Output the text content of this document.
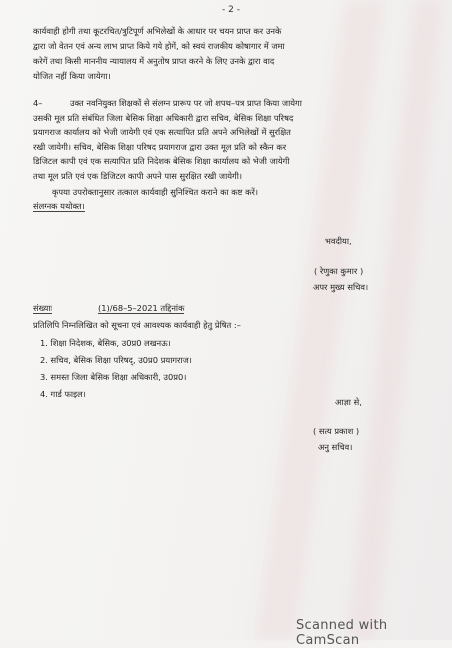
- 2 -
कार्यवाही होगी तथा कूटरचित/त्रुटिपूर्ण अभिलेखों के आधार पर चयन प्राप्त कर उनके
द्वारा जो वेतन एवं अन्य लाभ प्राप्त किये गये होगें, को स्वयं राजकीय कोषागार में जमा
करेगें तथा किसी माननीय न्यायालय में अनुतोष प्राप्त करने के लिए उनके द्वारा वाद
योजित नहीं किया जायेगा।
4–	उक्त नवनियुक्त शिक्षकों से संलग्न प्रारूप पर जो शपथ–पत्र प्राप्त किया जायेगा
उसकी मूल प्रति संबंधित जिला बेसिक शिक्षा अधिकारी द्वारा सचिव, बेसिक शिक्षा परिषद
प्रयागराज कार्यालय को भेजी जायेगी एवं एक सत्यापित प्रति अपने अभिलेखों में सुरक्षित
रखी जायेगी। सचिव, बेसिक शिक्षा परिषद प्रयागराज द्वारा उक्त मूल प्रति को स्कैन कर
डिजिटल कापी एवं एक सत्यापित प्रति निदेशक बेसिक शिक्षा कार्यालय को भेजी जायेगी
तथा मूल प्रति एवं एक डिजिटल कापी अपने पास सुरक्षित रखी जायेगी।
कृपया उपरोक्तानुसार तत्काल कार्यवाही सुनिश्चित कराने का कष्ट करें।
संलग्नक यथोक्त।
भवदीया,
( रेणुका कुमार )
अपर मुख्य सचिव।
संख्याः	(1)/68–5–2021 तद्दिनांक
प्रतिलिपि निम्नलिखित को सूचना एवं आवश्यक कार्यवाही हेतु प्रेषित :–
1. शिक्षा निदेशक, बेसिक, उ0प्र0 लखनऊ।
2. सचिव, बेसिक शिक्षा परिषद्, उ0प्र0 प्रयागराज।
3. समस्त जिला बेसिक शिक्षा अधिकारी, उ0प्र0।
4. गार्ड फाइल।
आज्ञा से,
( सत्य प्रकाश )
अनु सचिव।
Scanned with CamScan
